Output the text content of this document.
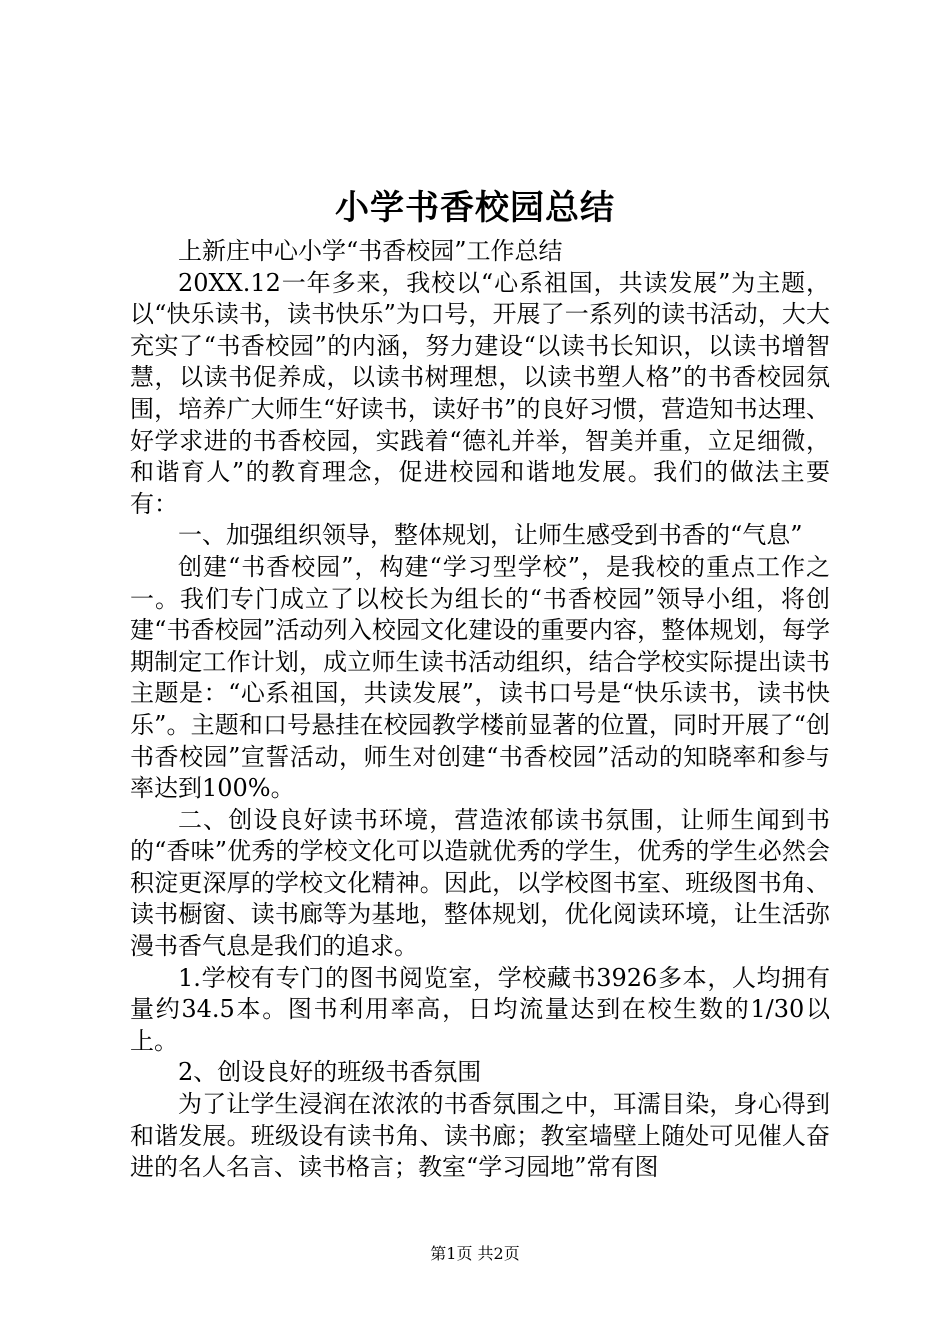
小学书香校园总结

上新庄中心小学“书香校园”工作总结

20XX.12一年多来，我校以“心系祖国，共读发展”为主题，以“快乐读书，读书快乐”为口号，开展了一系列的读书活动，大大充实了“书香校园”的内涵，努力建设“以读书长知识，以读书增智慧，以读书促养成，以读书树理想，以读书塑人格”的书香校园氛围，培养广大师生“好读书，读好书”的良好习惯，营造知书达理、好学求进的书香校园，实践着“德礼并举，智美并重，立足细微，和谐育人”的教育理念，促进校园和谐地发展。我们的做法主要有：

一、加强组织领导，整体规划，让师生感受到书香的“气息”

创建“书香校园”，构建“学习型学校”，是我校的重点工作之一。我们专门成立了以校长为组长的“书香校园”领导小组，将创建“书香校园”活动列入校园文化建设的重要内容，整体规划，每学期制定工作计划，成立师生读书活动组织，结合学校实际提出读书主题是：“心系祖国，共读发展”，读书口号是“快乐读书，读书快乐”。主题和口号悬挂在校园教学楼前显著的位置，同时开展了“创书香校园”宣誓活动，师生对创建“书香校园”活动的知晓率和参与率达到100%。

二、创设良好读书环境，营造浓郁读书氛围，让师生闻到书的“香味”优秀的学校文化可以造就优秀的学生，优秀的学生必然会积淀更深厚的学校文化精神。因此，以学校图书室、班级图书角、读书橱窗、读书廊等为基地，整体规划，优化阅读环境，让生活弥漫书香气息是我们的追求。

1.学校有专门的图书阅览室，学校藏书3926多本，人均拥有量约34.5本。图书利用率高，日均流量达到在校生数的1/30以上。

2、创设良好的班级书香氛围

为了让学生浸润在浓浓的书香氛围之中，耳濡目染，身心得到和谐发展。班级设有读书角、读书廊；教室墙壁上随处可见催人奋进的名人名言、读书格言；教室“学习园地”常有图

第1页 共2页
